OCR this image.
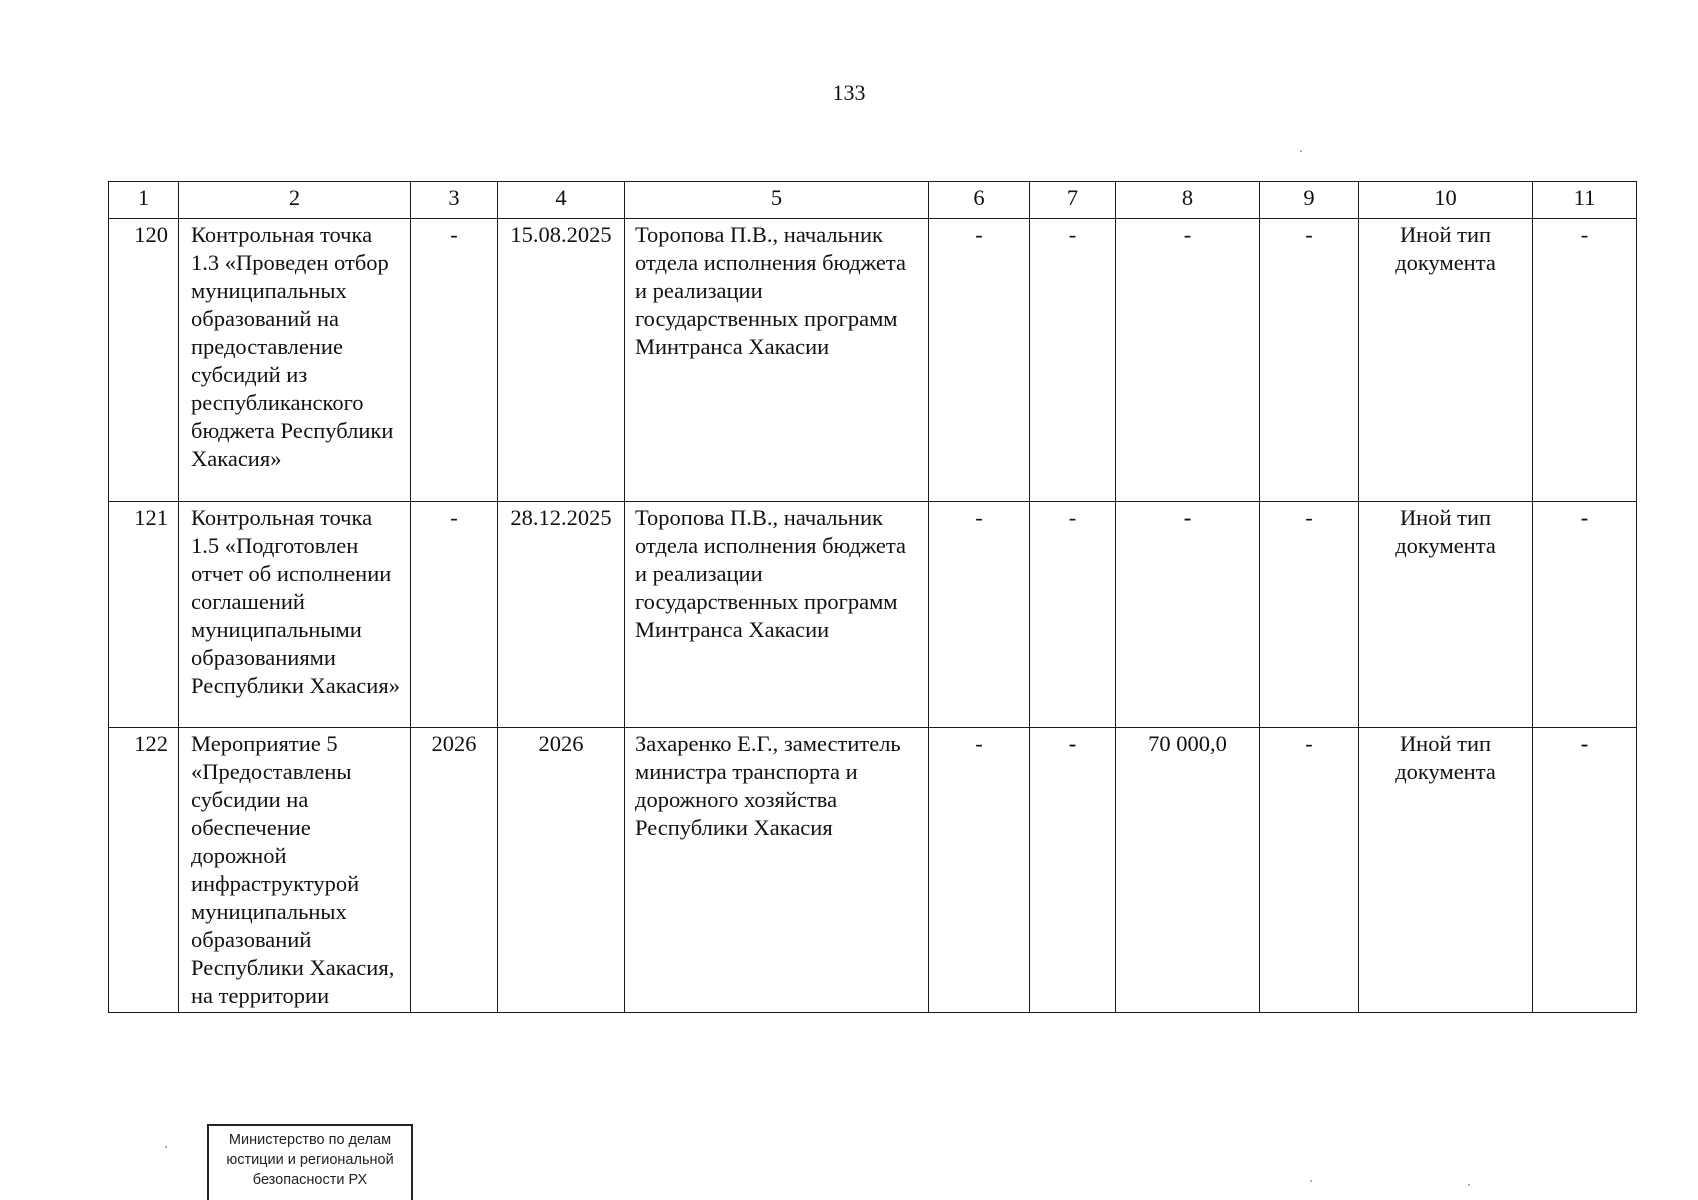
133
1	2	3	4	5	6	7	8	9	10	11
120	Контрольная точка 1.3 «Проведен отбор муниципальных образований на предоставление субсидий из республиканского бюджета Республики Хакасия»	-	15.08.2025	Торопова П.В., начальник отдела исполнения бюджета и реализации государственных программ Минтранса Хакасии	-	-	-	-	Иной тип документа	-
121	Контрольная точка 1.5 «Подготовлен отчет об исполнении соглашений муниципальными образованиями Республики Хакасия»	-	28.12.2025	Торопова П.В., начальник отдела исполнения бюджета и реализации государственных программ Минтранса Хакасии	-	-	-	-	Иной тип документа	-
122	Мероприятие 5 «Предоставлены субсидии на обеспечение дорожной инфраструктурой муниципальных образований Республики Хакасия, на территории	2026	2026	Захаренко Е.Г., заместитель министра транспорта и дорожного хозяйства Республики Хакасия	-	-	70 000,0	-	Иной тип документа	-
Министерство по делам
юстиции и региональной
безопасности РХ
